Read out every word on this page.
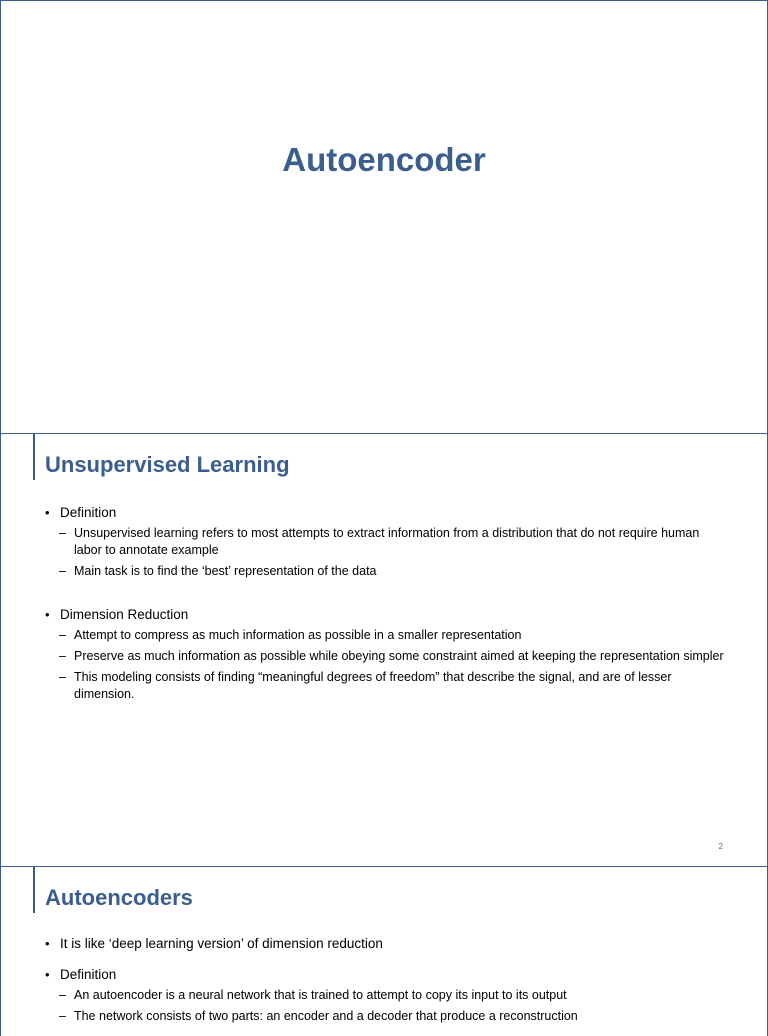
Autoencoder
Unsupervised Learning
• Definition
– Unsupervised learning refers to most attempts to extract information from a distribution that do not require human labor to annotate example
– Main task is to find the ‘best’ representation of the data
• Dimension Reduction
– Attempt to compress as much information as possible in a smaller representation
– Preserve as much information as possible while obeying some constraint aimed at keeping the representation simpler
– This modeling consists of finding “meaningful degrees of freedom” that describe the signal, and are of lesser dimension.
2
Autoencoders
• It is like ‘deep learning version’ of dimension reduction
• Definition
– An autoencoder is a neural network that is trained to attempt to copy its input to its output
– The network consists of two parts: an encoder and a decoder that produce a reconstruction
